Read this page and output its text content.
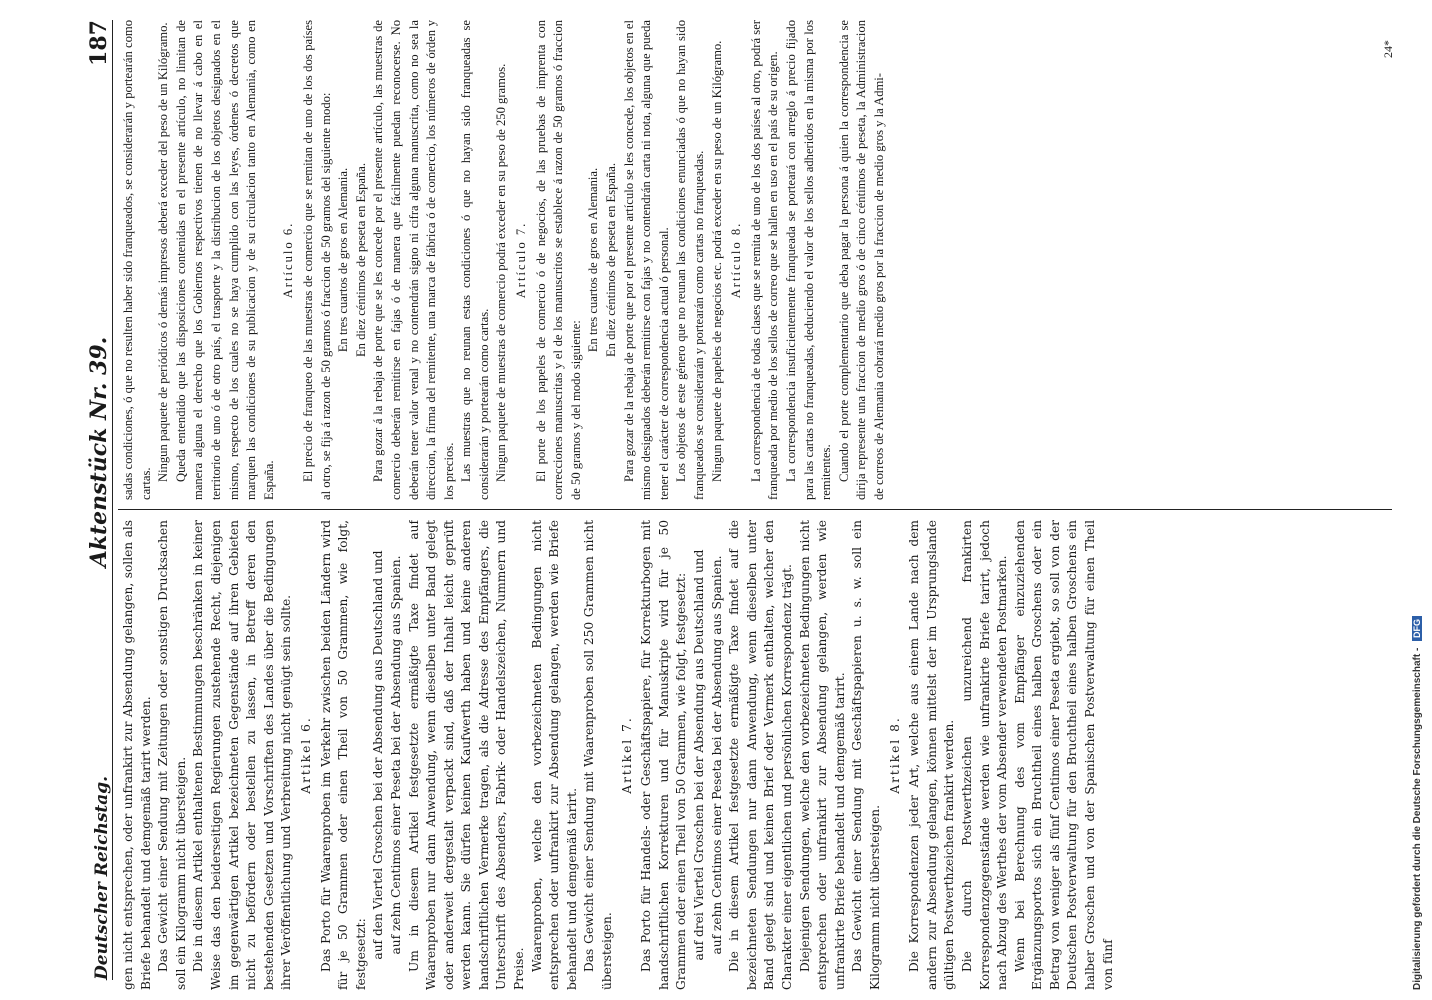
Deutscher Reichstag.
Aktenstück Nr. 39.
187

gen nicht entsprechen, oder unfrankirt zur Absendung gelangen, sollen als Briefe behandelt und demgemäß tarirt werden. Das Gewicht einer Sendung mit Zeitungen oder sonstigen Drucksachen soll ein Kilogramm nicht übersteigen. Die in diesem Artikel enthaltenen Bestimmungen beschränken in keiner Weise das den beiderseitigen Regierungen zustehende Recht, diejenigen im gegenwärtigen Artikel bezeichneten Gegenstände auf ihren Gebieten nicht zu befördern oder bestellen zu lassen, in Betreff deren den bestehenden Gesetzen und Vorschriften des Landes über die Bedingungen ihrer Veröffentlichung und Verbreitung nicht genügt sein sollte. Artikel 6. Das Porto für Waarenproben im Verkehr zwischen beiden Ländern wird für je 50 Grammen oder einen Theil von 50 Grammen, wie folgt, festgesetzt: auf den Viertel Groschen bei der Absendung aus Deutschland und auf zehn Centimos einer Peseta bei der Absendung aus Spanien. Um in diesem Artikel festgesetzte ermäßigte Taxe findet auf Waarenproben nur dann Anwendung, wenn dieselben unter Band gelegt oder anderweit dergestalt verpackt sind, daß der Inhalt leicht geprüft werden kann. Sie dürfen keinen Kaufwerth haben und keine anderen handschriftlichen Vermerke tragen, als die Adresse des Empfängers, die Unterschrift des Absenders, Fabrik- oder Handelszeichen, Nummern und Preise. Waarenproben, welche den vorbezeichneten Bedingungen nicht entsprechen oder unfrankirt zur Absendung gelangen, werden wie Briefe behandelt und demgemäß tarirt. Das Gewicht einer Sendung mit Waarenproben soll 250 Grammen nicht übersteigen.

Artikel 7. Das Porto für Handels- oder Geschäftspapiere, für Korrekturbogen mit handschriftlichen Korrekturen und für Manuskripte wird für je 50 Grammen oder einen Theil von 50 Grammen, wie folgt, festgesetzt: auf drei Viertel Groschen bei der Absendung aus Deutschland und auf zehn Centimos einer Peseta bei der Absendung aus Spanien. Die in diesem Artikel festgesetzte ermäßigte Taxe findet auf die bezeichneten Sendungen nur dann Anwendung, wenn dieselben unter Band gelegt sind und keinen Brief oder Vermerk enthalten, welcher den Charakter einer eigentlichen und persönlichen Korrespondenz trägt. Diejenigen Sendungen, welche den vorbezeichneten Bedingungen nicht entsprechen oder unfrankirt zur Absendung gelangen, werden wie unfrankirte Briefe behandelt und demgemäß tarirt. Das Gewicht einer Sendung mit Geschäftspapieren u. s. w. soll ein Kilogramm nicht übersteigen.

Artikel 8. Die Korrespondenzen jeder Art, welche aus einem Lande nach dem andern zur Absendung gelangen, können mittelst der im Ursprungslande gültigen Postwerthzeichen frankirt werden. Die durch Postwerthzeichen unzureichend frankirten Korrespondenzgegenstände werden wie unfrankirte Briefe tarirt, jedoch nach Abzug des Werthes der vom Absender verwendeten Postmarken. Wenn bei Berechnung des vom Empfänger einzuziehenden Ergänzungsportos sich ein Bruchtheil eines halben Groschens oder ein Betrag von weniger als fünf Centimos einer Peseta ergiebt, so soll von der Deutschen Postverwaltung für den Bruchtheil eines halben Groschens ein halber Groschen und von der Spanischen Postverwaltung für einen Theil von fünf

sadas condiciones, ó que no resulten haber sido franqueados, se considerarán y portearán como cartas.

Ningun paquete de periódicos ó demás impresos deberá exceder del peso de un Kilógramo. Queda entendido que las disposiciones contenidas en el presente artículo, no limitan de manera alguna el derecho que los Gobiernos respectivos tienen de no llevar á cabo en el territorio de uno ó de otro país, el trasporte y la distribucion de los objetos designados en el mismo, respecto de los cuales no se haya cumplido con las leyes, órdenes ó decretos que marquen las condiciones de su publicacion y de su circulacion tanto en Alemania, como en España.

Artículo 6. El precio de franqueo de las muestras de comercio que se remitan de uno de los dos países al otro, se fija á razon de 50 gramos ó fraccion de 50 gramos del siguiente modo: En tres cuartos de gros en Alemania. En diez céntimos de peseta en España. Para gozar á la rebaja de porte que se les concede por el presente artículo, las muestras de comercio deberán remitirse en fajas ó de manera que fácilmente puedan reconocerse. No deberán tener valor venal y no contendrán signo ni cifra alguna manuscrita, como no sea la direccion, la firma del remitente, una marca de fábrica ó de comercio, los números de órden y los precios. Las muestras que no reunan estas condiciones ó que no hayan sido franqueadas se considerarán y portearán como cartas. Ningun paquete de muestras de comercio podrá exceder en su peso de 250 gramos. Artículo 7. El porte de los papeles de comercio ó de negocios, de las pruebas de imprenta con correcciones manuscritas y el de los manuscritos se establece á razon de 50 gramos ó fraccion de 50 gramos y del modo siguiente:

En tres cuartos de gros en Alemania. En diez céntimos de peseta en España. Para gozar de la rebaja de porte que por el presente artículo se les concede, los objetos en el mismo designados deberán remitirse con fajas y no contendrán carta ni nota, alguna que pueda tener el carácter de correspondencia actual ó personal. Los objetos de este género que no reunan las condiciones enunciadas ó que no hayan sido franqueados se considerarán y portearán como cartas no franqueadas. Ningun paquete de papeles de negocios etc. podrá exceder en su peso de un Kilógramo. Artículo 8. La correspondencia de todas clases que se remita de uno de los dos países al otro, podrá ser franqueada por medio de los sellos de correo que se hallen en uso en el país de su origen. La correspondencia insuficientemente franqueada se porteará con arreglo á precio fijado para las cartas no franqueadas, deduciendo el valor de los sellos adheridos en la misma por los remitentes. Cuando el porte complementario que deba pagar la persona á quien la correspondencia se dirija represente una fraccion de medio gros ó de cinco céntimos de peseta, la Administracion de correos de Alemania cobrará medio gros por la fraccion de medio gros y la Admi-

24*
Digitalisierung gefördert durch die Deutsche Forschungsgemeinschaft - DFG
